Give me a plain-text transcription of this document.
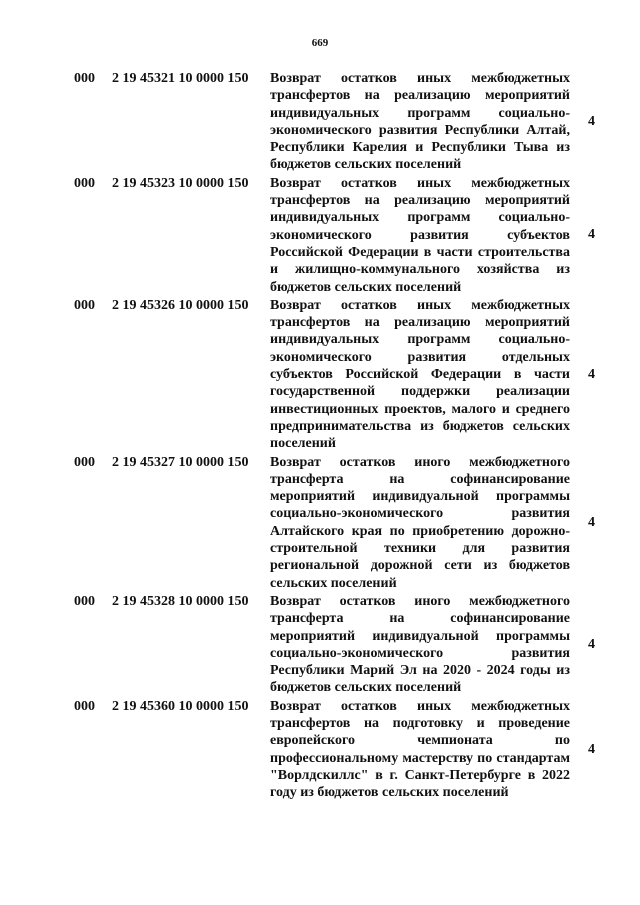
669
000 2 19 45321 10 0000 150 Возврат остатков иных межбюджетных трансфертов на реализацию мероприятий индивидуальных программ социально-экономического развития Республики Алтай, Республики Карелия и Республики Тыва из бюджетов сельских поселений
4
000 2 19 45323 10 0000 150 Возврат остатков иных межбюджетных трансфертов на реализацию мероприятий индивидуальных программ социально-экономического развития субъектов Российской Федерации в части строительства и жилищно-коммунального хозяйства из бюджетов сельских поселений
4
000 2 19 45326 10 0000 150 Возврат остатков иных межбюджетных трансфертов на реализацию мероприятий индивидуальных программ социально-экономического развития отдельных субъектов Российской Федерации в части государственной поддержки реализации инвестиционных проектов, малого и среднего предпринимательства из бюджетов сельских поселений
4
000 2 19 45327 10 0000 150 Возврат остатков иного межбюджетного трансферта на софинансирование мероприятий индивидуальной программы социально-экономического развития Алтайского края по приобретению дорожно-строительной техники для развития региональной дорожной сети из бюджетов сельских поселений
4
000 2 19 45328 10 0000 150 Возврат остатков иного межбюджетного трансферта на софинансирование мероприятий индивидуальной программы социально-экономического развития Республики Марий Эл на 2020 - 2024 годы из бюджетов сельских поселений
4
000 2 19 45360 10 0000 150 Возврат остатков иных межбюджетных трансфертов на подготовку и проведение европейского чемпионата по профессиональному мастерству по стандартам "Ворлдскиллс" в г. Санкт-Петербурге в 2022 году из бюджетов сельских поселений
4
